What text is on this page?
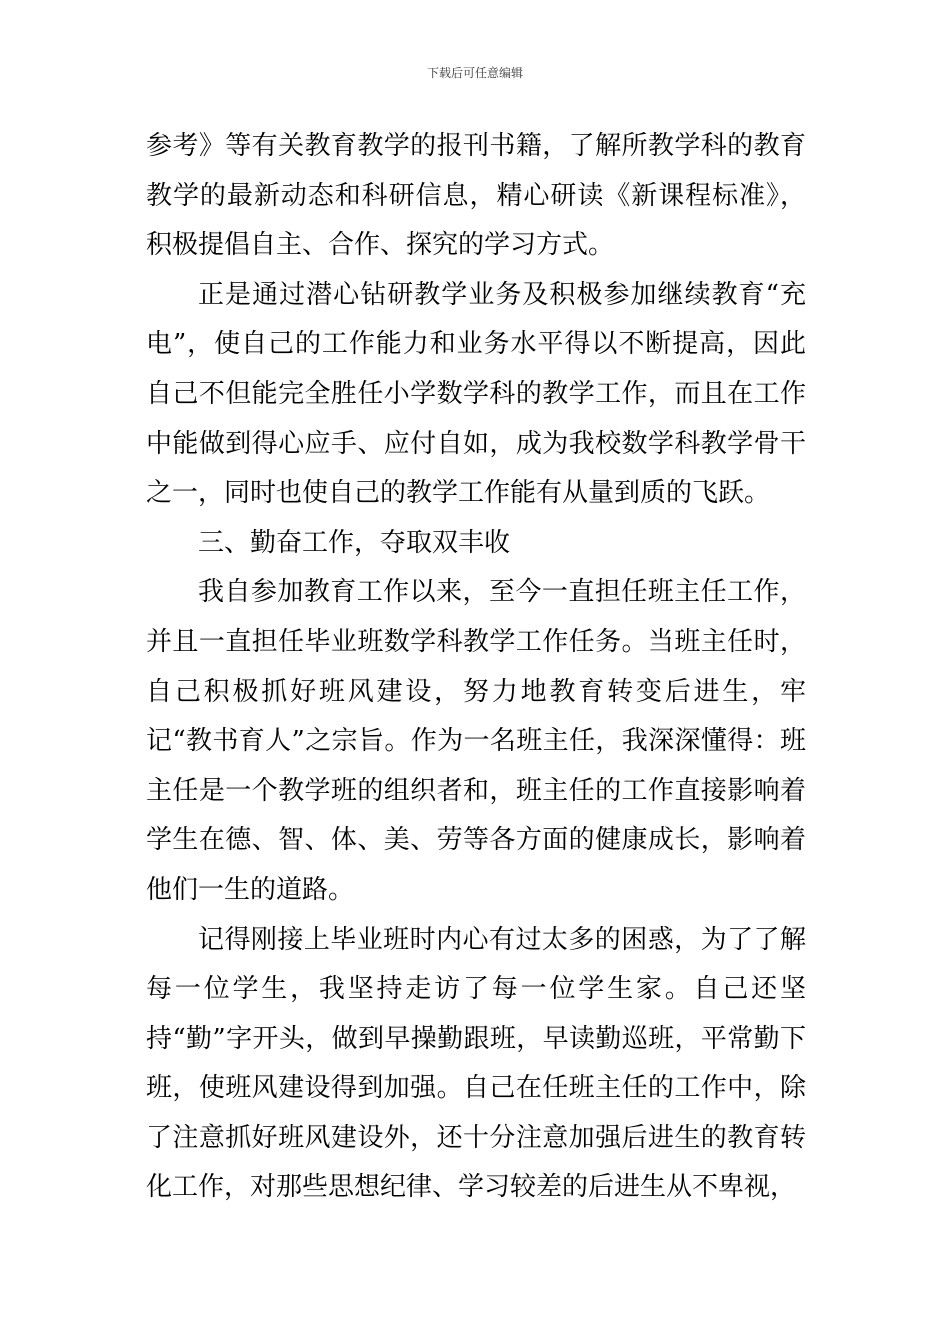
下载后可任意编辑

参考》等有关教育教学的报刊书籍，了解所教学科的教育教学的最新动态和科研信息，精心研读《新课程标准》，积极提倡自主、合作、探究的学习方式。

正是通过潜心钻研教学业务及积极参加继续教育“充电”，使自己的工作能力和业务水平得以不断提高，因此自己不但能完全胜任小学数学科的教学工作，而且在工作中能做到得心应手、应付自如，成为我校数学科教学骨干之一，同时也使自己的教学工作能有从量到质的飞跃。

三、勤奋工作，夺取双丰收

我自参加教育工作以来，至今一直担任班主任工作，并且一直担任毕业班数学科教学工作任务。当班主任时，自己积极抓好班风建设，努力地教育转变后进生，牢记“教书育人”之宗旨。作为一名班主任，我深深懂得：班主任是一个教学班的组织者和，班主任的工作直接影响着学生在德、智、体、美、劳等各方面的健康成长，影响着他们一生的道路。

记得刚接上毕业班时内心有过太多的困惑，为了了解每一位学生，我坚持走访了每一位学生家。自己还坚持“勤”字开头，做到早操勤跟班，早读勤巡班，平常勤下班，使班风建设得到加强。自己在任班主任的工作中，除了注意抓好班风建设外，还十分注意加强后进生的教育转化工作，对那些思想纪律、学习较差的后进生从不卑视，
